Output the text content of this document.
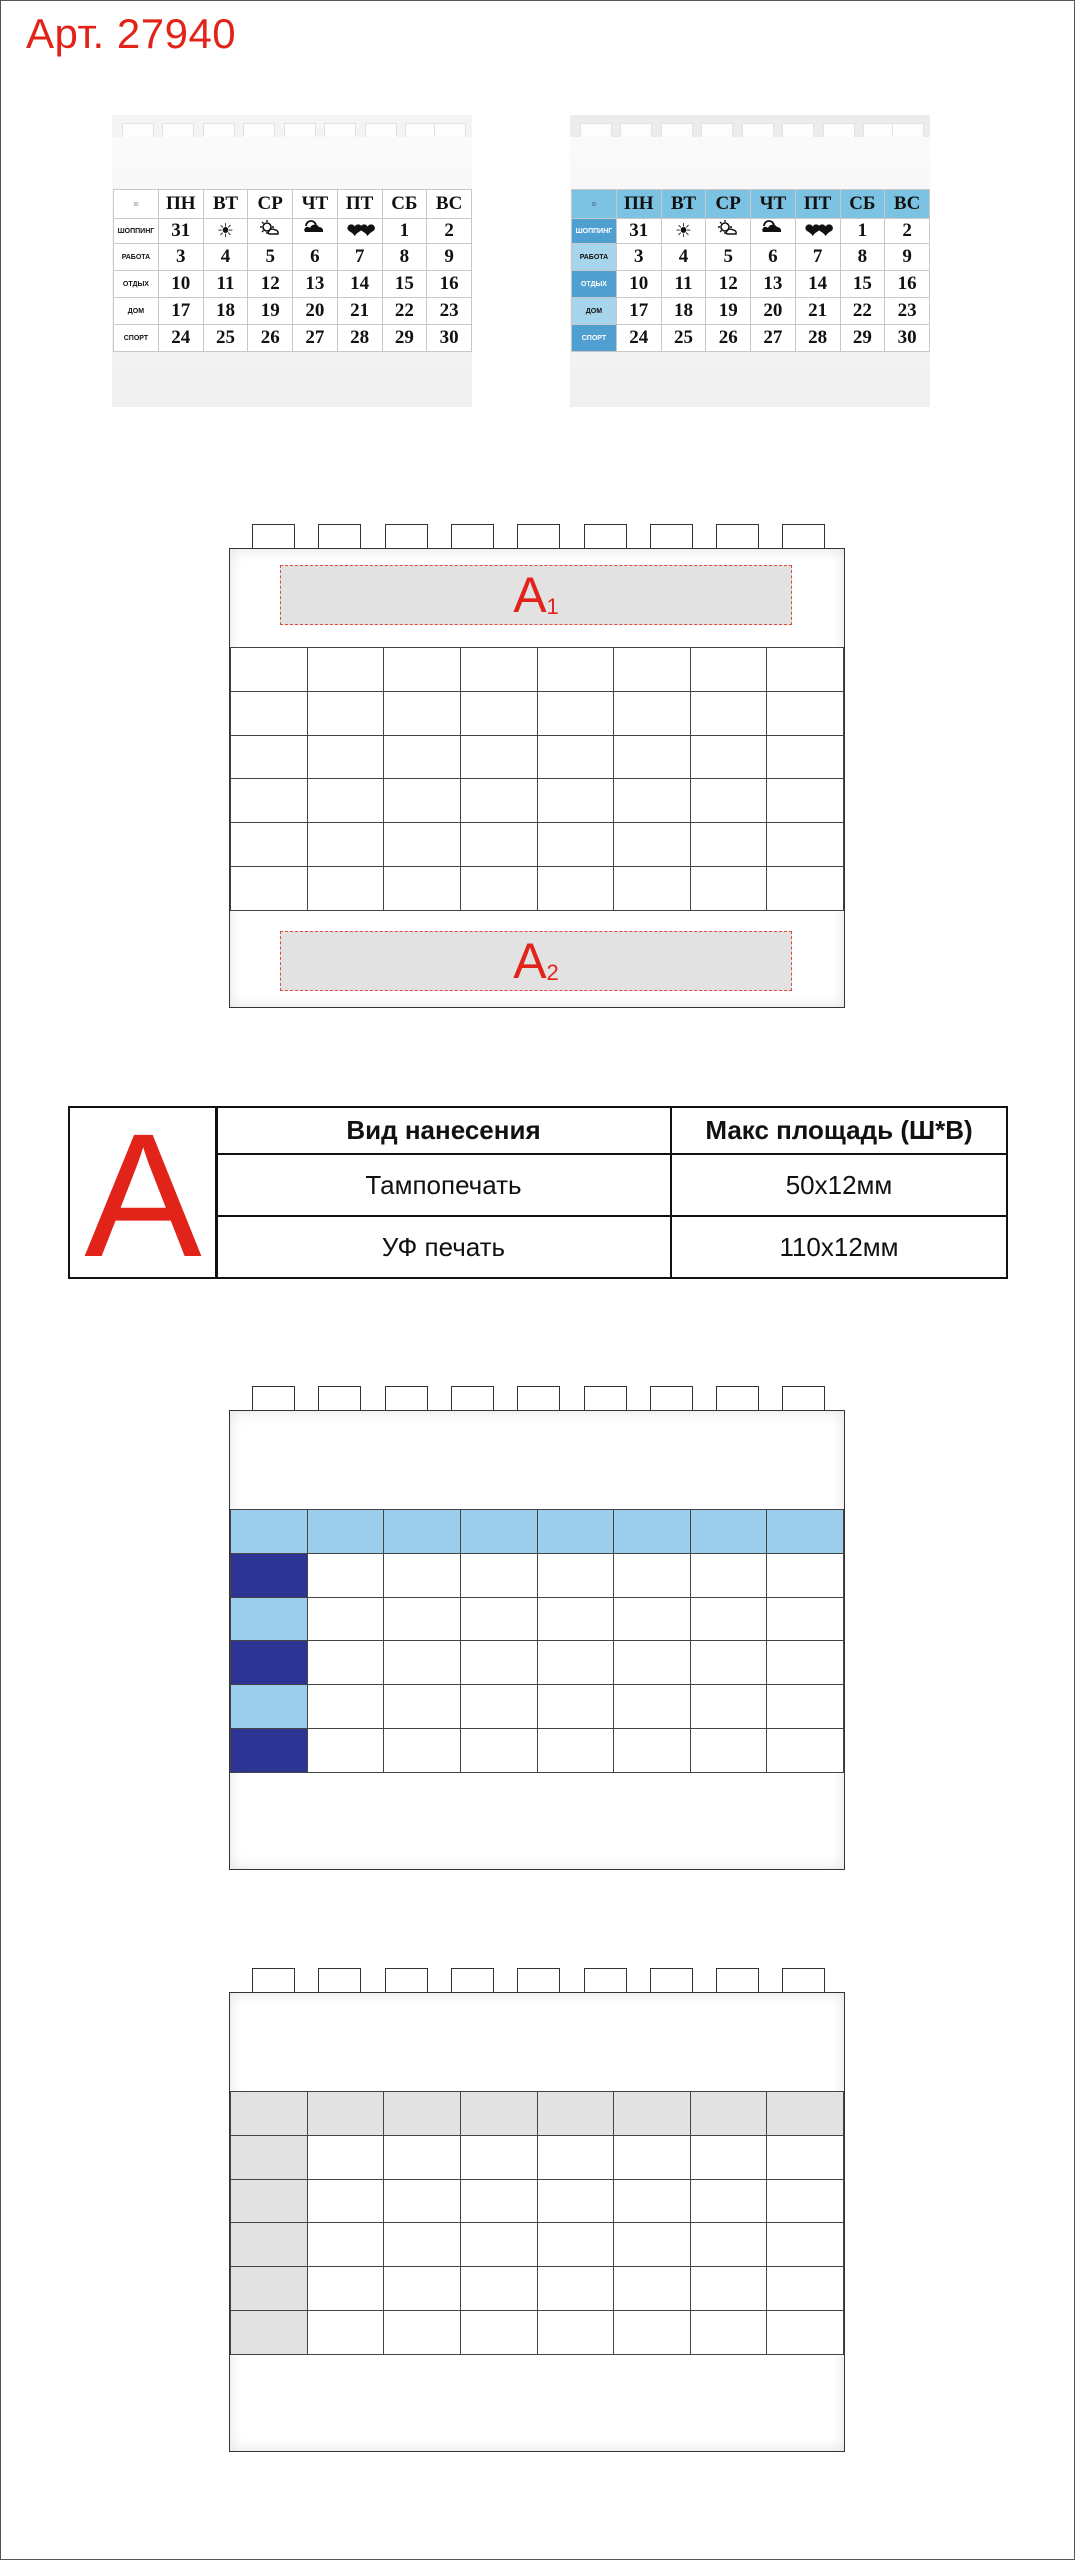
Арт. 27940
☺	ПН	ВТ	СР	ЧТ	ПТ	СБ	ВС
ШОППИНГ	31	☀			❤❤	1	2
РАБОТА	3	4	5	6	7	8	9
ОТДЫХ	10	11	12	13	14	15	16
ДОМ	17	18	19	20	21	22	23
СПОРТ	24	25	26	27	28	29	30
☺	ПН	ВТ	СР	ЧТ	ПТ	СБ	ВС
ШОППИНГ	31	☀			❤❤	1	2
РАБОТА	3	4	5	6	7	8	9
ОТДЫХ	10	11	12	13	14	15	16
ДОМ	17	18	19	20	21	22	23
СПОРТ	24	25	26	27	28	29	30
$A_1$

$A_2$
A	Вид нанесения	Макс площадь (Ш*В)
Тампопечать	50x12мм
УФ печать	110x12мм
